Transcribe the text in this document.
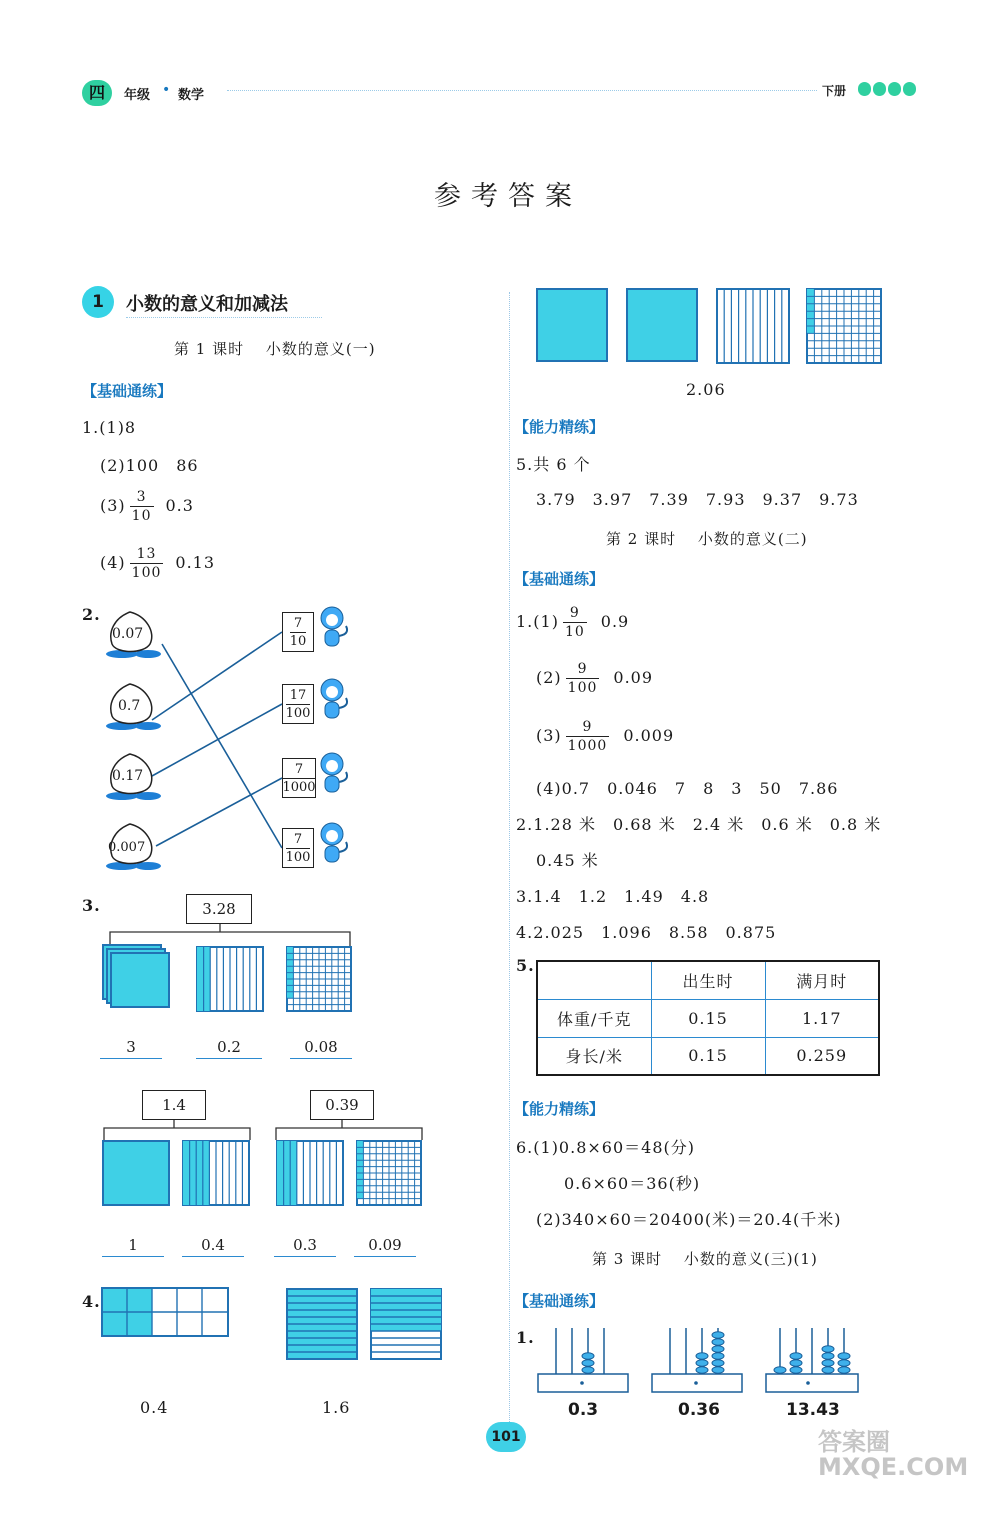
四	年级 • 数学	下册
参考答案
1	小数的意义和加减法
第 1 课时　 小数的意义(一)
【基础通练】
1.(1)8
(2)100　86
$(3) \frac{3}{10} 0.3$
$(4) \frac{13}{100} 0.13$
2.
0.07
0.7
0.17
0.007
7
10
17
100
7
1000
7
100
3.	3.28
3	0.2	0.08
1.4	0.39
1	0.4	0.3	0.09
4.
0.4	1.6
2.06
【能力精练】
5.共 6 个
3.79　3.97　7.39　7.93　9.37　9.73
第 2 课时　 小数的意义(二)
【基础通练】
$1.(1) \frac{9}{10} 0.9$
$(2) \frac{9}{100} 0.09$
$(3) \frac{9}{1000} 0.009$
(4)0.7　0.046　7　8　3　50　7.86
2.1.28 米　0.68 米　2.4 米　0.6 米　0.8 米
0.45 米
3.1.4　1.2　1.49　4.8
4.2.025　1.096　8.58　0.875
5.
	出生时	满月时
体重/千克	0.15	1.17
身长/米	0.15	0.259
【能力精练】
6.(1)0.8×60＝48(分)
0.6×60＝36(秒)
(2)340×60＝20400(米)＝20.4(千米)
第 3 课时　 小数的意义(三)(1)
【基础通练】
1.
0.3	0.36	13.43
101	答案圈 MXQE.COM
